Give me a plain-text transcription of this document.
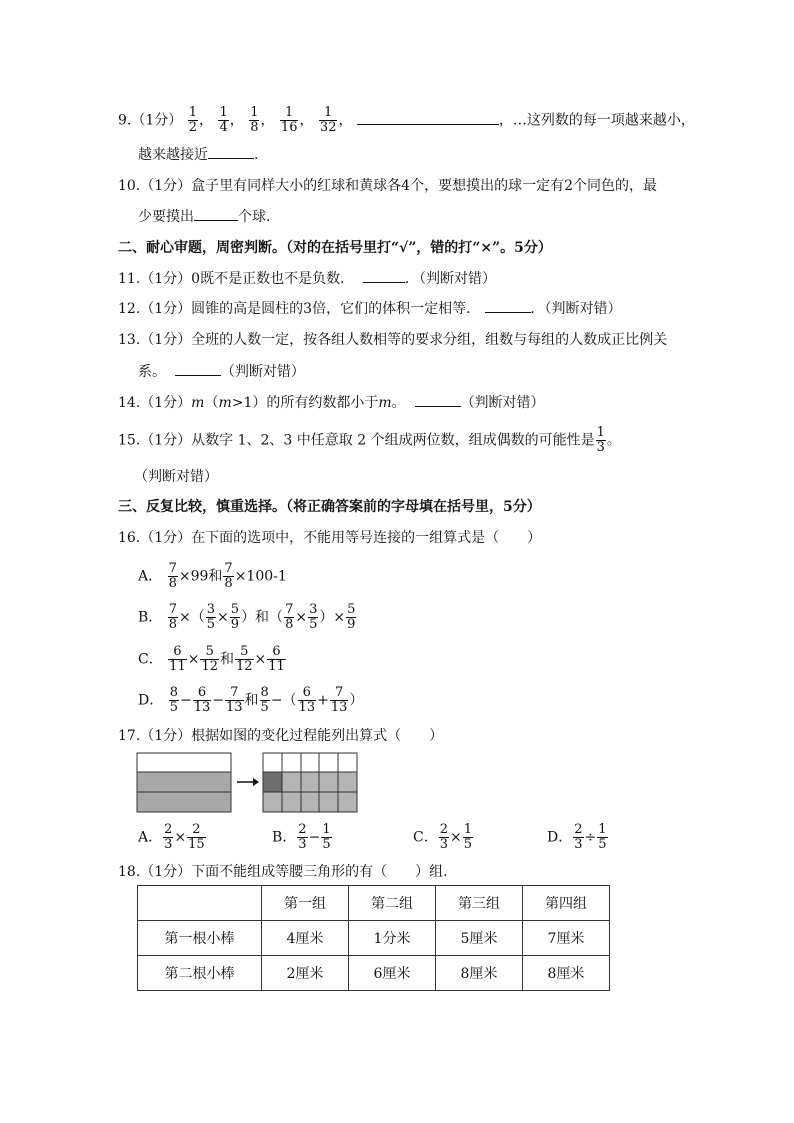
9.（1分） $\frac{1}{2}$ ， $\frac{1}{4}$ ， $\frac{1}{8}$ ， $\frac{1}{16}$ ， $\frac{1}{32}$ ，	，…这列数的每一项越来越小，
越来越接近	.
10.（1分）盒子里有同样大小的红球和黄球各4个，要想摸出的球一定有2个同色的，最
少要摸出	个球.
二、耐心审题，周密判断。（对的在括号里打“√”，错的打“×”。5分）
11.（1分）0既不是正数也不是负数．	．（判断对错）
12.（1分）圆锥的高是圆柱的3倍，它们的体积一定相等．	．（判断对错）
13.（1分）全班的人数一定，按各组人数相等的要求分组，组数与每组的人数成正比例关
系。	（判断对错）
14.（1分）m（m>1）的所有约数都小于m。	（判断对错）
15.（1分）从数字 1、2、3 中任意取 2 个组成两位数，组成偶数的可能性是 $\frac{1}{3}$ 。
（判断对错）
三、反复比较，慎重选择。（将正确答案前的字母填在括号里，5分）
16.（1分）在下面的选项中，不能用等号连接的一组算式是（　　）
A． $\frac{7}{8} \times 99$和 $\frac{7}{8} \times 100-1$
B． $\frac{7}{8}$ ×（ $\frac{3}{5} \times \frac{5}{9}$ ）和（ $\frac{7}{8} \times \frac{3}{5}$ ）× $\frac{5}{9}$
C． $\frac{6}{11} \times \frac{5}{12}$ 和 $\frac{5}{12} \times \frac{6}{11}$
D． $\frac{8}{5} - \frac{6}{13} - \frac{7}{13}$ 和 $\frac{8}{5}$ −（ $\frac{6}{13} + \frac{7}{13}$ ）
17.（1分）根据如图的变化过程能列出算式（　　）
A． $\frac{2}{3} \times \frac{2}{15}$	B． $\frac{2}{3} - \frac{1}{5}$	C． $\frac{2}{3} \times \frac{1}{5}$	D． $\frac{2}{3} \div \frac{1}{5}$
18.（1分）下面不能组成等腰三角形的有（　　）组.
	第一组	第二组	第三组	第四组
第一根小棒	4厘米	1分米	5厘米	7厘米
第二根小棒	2厘米	6厘米	8厘米	8厘米
